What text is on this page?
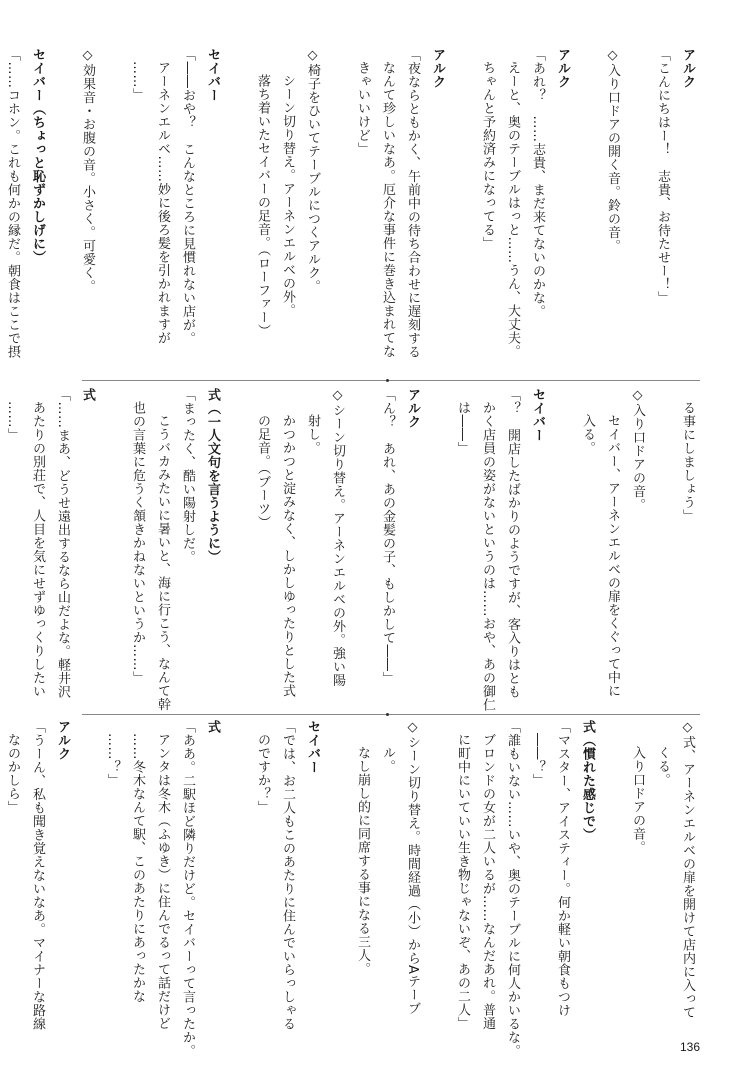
アルク
「こんにちはー！　志貴、お待たせー！」
◇入り口ドアの開く音。鈴の音。
アルク
「あれ？　……志貴、まだ来てないのかな。
えーと、奥のテーブルはっと……うん、大丈夫。
ちゃんと予約済みになってる」
アルク
「夜ならともかく、午前中の待ち合わせに遅刻する
なんて珍しいなあ。厄介な事件に巻き込まれてな
きゃいいけど」
◇椅子をひいてテーブルにつくアルク。
シーン切り替え。アーネンエルベの外。
落ち着いたセイバーの足音。（ローファー）
セイバー
「――おや？　こんなところに見慣れない店が。
アーネンエルベ……妙に後ろ髪を引かれますが
……」
◇効果音・お腹の音。小さく。可愛く。
セイバー（ちょっと恥ずかしげに）
「……コホン。これも何かの縁だ。朝食はここで摂
る事にしましょう」
◇入り口ドアの音。
セイバー、アーネンエルベの扉をくぐって中に
入る。
セイバー
「？　開店したばかりのようですが、客入りはとも
かく店員の姿がないというのは……おや、あの御仁
は――」
アルク
「ん？　あれ、あの金髪の子、もしかして――」
◇シーン切り替え。アーネンエルベの外。強い陽
射し。
かつかつと淀みなく、しかしゆったりとした式
の足音。（ブーツ）
式（一人文句を言うように）
「まったく、酷い陽射しだ。
こうバカみたいに暑いと、海に行こう、なんて幹
也の言葉に危うく頷きかねないというか……」
式
「……まあ、どうせ遠出するなら山だよな。軽井沢
あたりの別荘で、人目を気にせずゆっくりしたい
……」
◇式、アーネンエルベの扉を開けて店内に入って
くる。
入り口ドアの音。
式（慣れた感じで）
「マスター、アイスティー。何か軽い朝食もつけ
――？」
「誰もいない……いや、奥のテーブルに何人かいるな。
ブロンドの女が二人いるが……なんだあれ。普通
に町中にいていい生き物じゃないぞ、あの二人」
◇シーン切り替え。時間経過（小）からAテーブ
ル。
なし崩し的に同席する事になる三人。
セイバー
「では、お二人もこのあたりに住んでいらっしゃる
のですか？」
式
「ああ。二駅ほど隣りだけど。セイバーって言ったか。
アンタは冬木（ふゆき）に住んでるって話だけど
……冬木なんて駅、このあたりにあったかな
……？」
アルク
「うーん、私も聞き覚えないなあ。マイナーな路線
なのかしら」
136
